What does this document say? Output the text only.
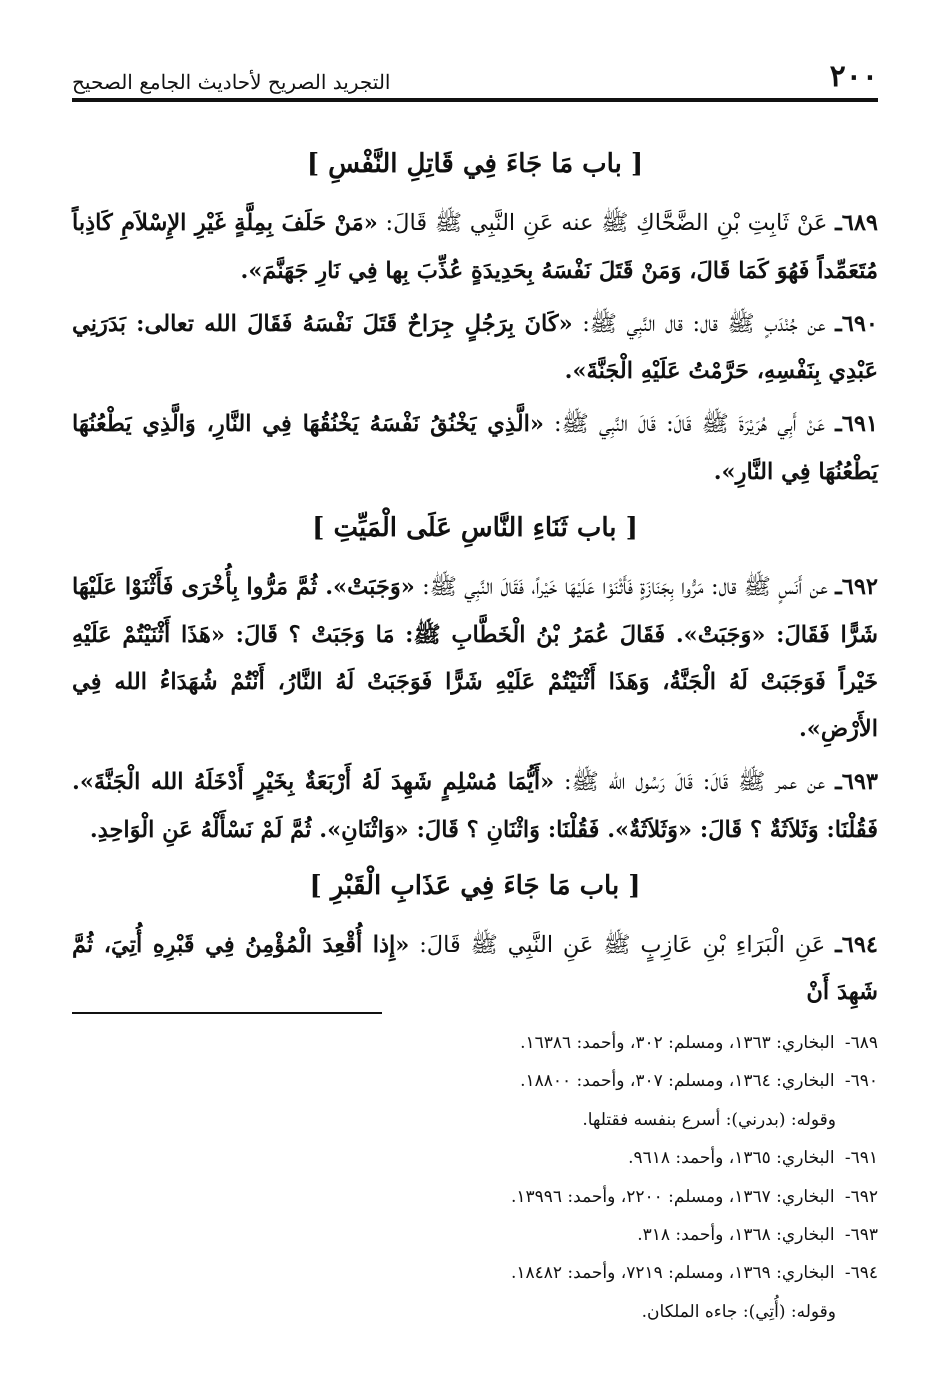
٢٠٠
التجريد الصريح لأحاديث الجامع الصحيح
[ باب مَا جَاءَ فِي قَاتِلِ النَّفْسِ ]

٦٨٩ـ عَنْ ثَابِتِ بْنِ الضَّحَّاكِ ﷺ عنه عَنِ النَّبِي ﷺ قَالَ: «مَنْ حَلَفَ بِمِلَّةٍ غَيْرِ الإِسْلاَمِ كَاذِباً مُتَعَمِّداً فَهُوَ كَمَا قَالَ، وَمَنْ قَتَلَ نَفْسَهُ بِحَدِيدَةٍ عُذِّبَ بِها فِي نَارِ جَهَنَّمَ».

٦٩٠ـ عن جُنْدَبٍ ﷺ قال: قال النَّبِي ﷺ: «كَانَ بِرَجُلٍ جِرَاحٌ قَتَلَ نَفْسَهُ فَقَالَ الله تعالى: بَدَرَنِي عَبْدِي بِنَفْسِهِ، حَرَّمْتُ عَلَيْهِ الْجَنَّةَ».

٦٩١ـ عَنْ أَبِي هُرَيْرَةَ ﷺ قَالَ: قَالَ النَّبِي ﷺ: «الَّذِي يَخْنُقُ نَفْسَهُ يَخْنُقُهَا فِي النَّارِ، وَالَّذِي يَطْعُنُهَا يَطْعُنُهَا فِي النَّارِ».

[ باب ثَنَاءِ النَّاسِ عَلَى الْمَيِّتِ ]

٦٩٢ـ عن أَنَسٍ ﷺ قال: مَرُّوا بِجَنَازَةٍ فَأَثْنَوْا عَلَيْهَا خَيْراً، فَقَالَ النَّبِي ﷺ: «وَجَبَتْ». ثُمَّ مَرُّوا بِأُخْرَى فَأَثْنَوْا عَلَيْهَا شَرًّا فَقَالَ: «وَجَبَتْ». فَقَالَ عُمَرُ بْنُ الْخَطَّابِ ﷺ: مَا وَجَبَتْ ؟ قَالَ: «هَذَا أَثْنَيْتُمْ عَلَيْهِ خَيْراً فَوَجَبَتْ لَهُ الْجَنَّةُ، وَهَذَا أَثْنَيْتُمْ عَلَيْهِ شَرًّا فَوَجَبَتْ لَهُ النَّارُ، أَنْتُمْ شُهَدَاءُ الله فِي الأَرْضِ».

٦٩٣ـ عن عمر ﷺ قَالَ: قَالَ رَسُول الله ﷺ: «أَيُّمَا مُسْلِمٍ شَهِدَ لَهُ أَرْبَعَةٌ بِخَيْرٍ أَدْخَلَهُ الله الْجَنَّةَ». فَقُلْنَا: وَثَلاَثَةٌ ؟ قَالَ: «وَثَلاَثَةٌ». فَقُلْنَا: وَاثْنَانِ ؟ قَالَ: «وَاثْنَانِ». ثُمَّ لَمْ نَسْأَلْهُ عَنِ الْوَاحِدِ.

[ باب مَا جَاءَ فِي عَذَابِ الْقَبْرِ ]

٦٩٤ـ عَنِ الْبَرَاءِ بْنِ عَازِبٍ ﷺ عَنِ النَّبِي ﷺ قَالَ: «إِذا أُقْعِدَ الْمُؤْمِنُ فِي قَبْرِهِ أُتِيَ، ثُمَّ شَهِدَ أَنْ

٦٨٩- البخاري: ١٣٦٣، ومسلم: ٣٠٢، وأحمد: ١٦٣٨٦.
٦٩٠- البخاري: ١٣٦٤، ومسلم: ٣٠٧، وأحمد: ١٨٨٠٠.
وقوله: (بدرني): أسرع بنفسه فقتلها.
٦٩١- البخاري: ١٣٦٥، وأحمد: ٩٦١٨.
٦٩٢- البخاري: ١٣٦٧، ومسلم: ٢٢٠٠، وأحمد: ١٣٩٩٦.
٦٩٣- البخاري: ١٣٦٨، وأحمد: ٣١٨.
٦٩٤- البخاري: ١٣٦٩، ومسلم: ٧٢١٩، وأحمد: ١٨٤٨٢.
وقوله: (أُتِي): جاءه الملكان.
